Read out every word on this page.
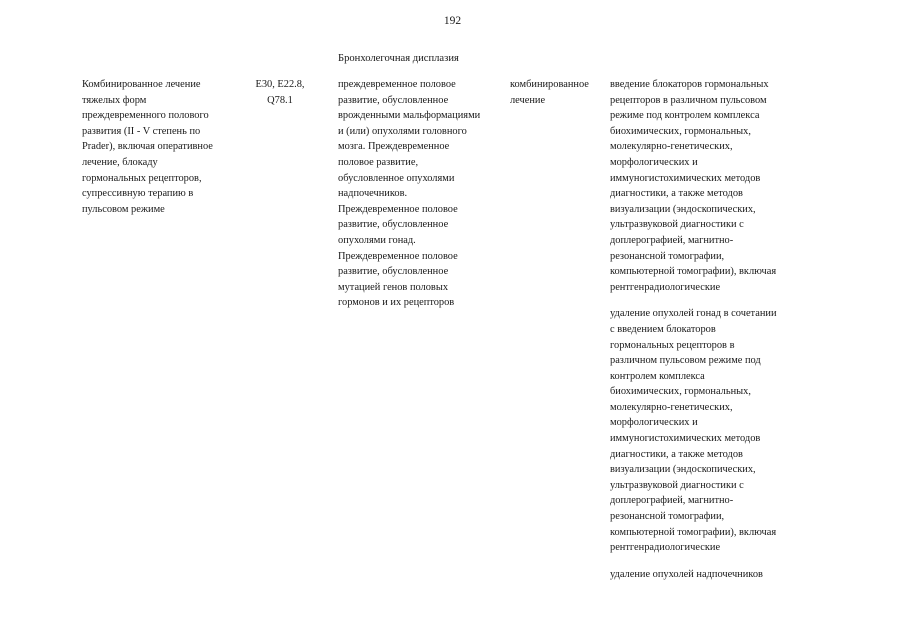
192
Бронхолегочная дисплазия
Комбинированное лечение
тяжелых форм
преждевременного полового
развития (II - V степень по
Prader), включая оперативное
лечение, блокаду
гормональных рецепторов,
супрессивную терапию в
пульсовом режиме
E30, E22.8,
Q78.1
преждевременное половое
развитие, обусловленное
врожденными мальформациями
и (или) опухолями головного
мозга. Преждевременное
половое развитие,
обусловленное опухолями
надпочечников.
Преждевременное половое
развитие, обусловленное
опухолями гонад.
Преждевременное половое
развитие, обусловленное
мутацией генов половых
гормонов и их рецепторов
комбинированное
лечение
введение блокаторов гормональных
рецепторов в различном пульсовом
режиме под контролем комплекса
биохимических, гормональных,
молекулярно-генетических,
морфологических и
иммуногистохимических методов
диагностики, а также методов
визуализации (эндоскопических,
ультразвуковой диагностики с
доплерографией, магнитно-
резонансной томографии,
компьютерной томографии), включая
рентгенрадиологические
удаление опухолей гонад в сочетании
с введением блокаторов
гормональных рецепторов в
различном пульсовом режиме под
контролем комплекса
биохимических, гормональных,
молекулярно-генетических,
морфологических и
иммуногистохимических методов
диагностики, а также методов
визуализации (эндоскопических,
ультразвуковой диагностики с
доплерографией, магнитно-
резонансной томографии,
компьютерной томографии), включая
рентгенрадиологические
удаление опухолей надпочечников
